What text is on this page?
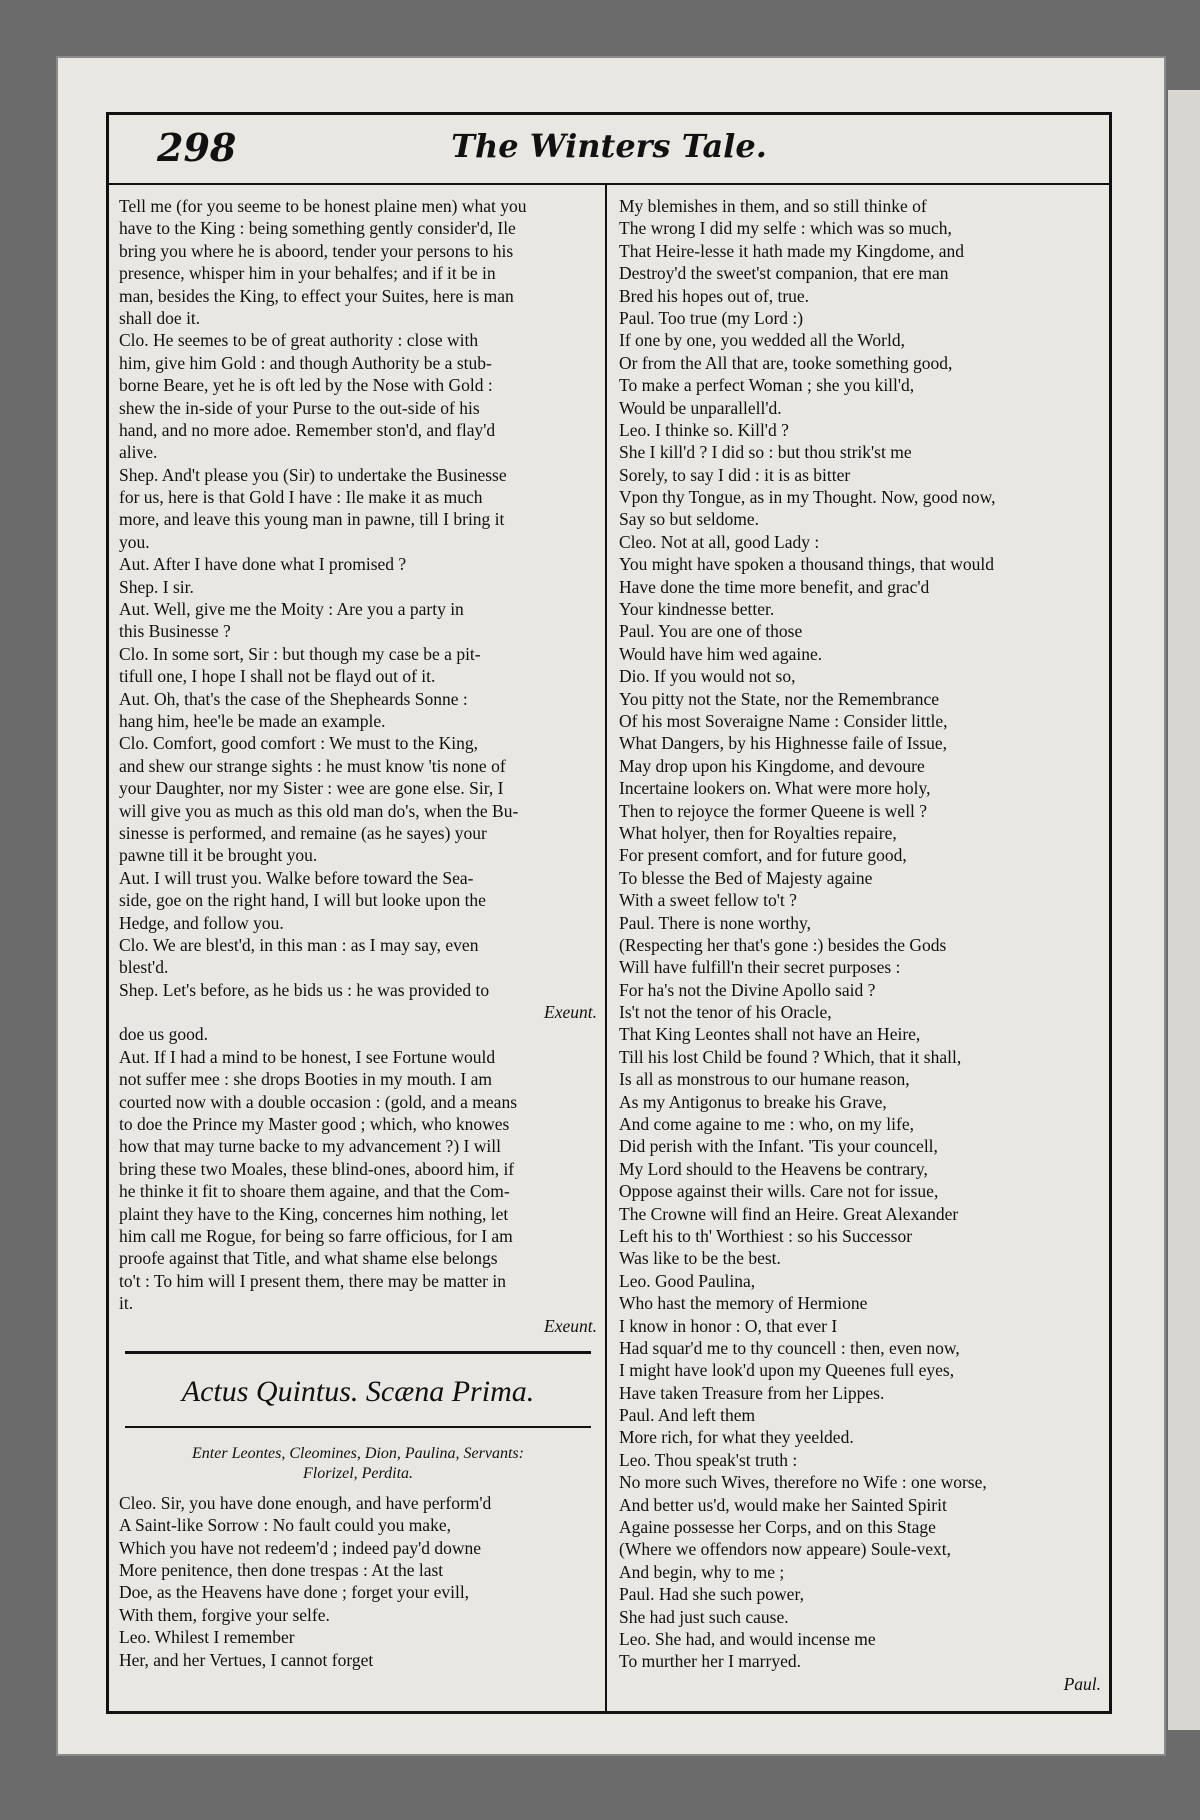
298	The Winters Tale.
Tell me (for you seeme to be honest plaine men) what you
have to the King : being something gently consider'd, Ile
bring you where he is aboord, tender your persons to his
presence, whisper him in your behalfes; and if it be in
man, besides the King, to effect your Suites, here is man
shall doe it.
Clo. He seemes to be of great authority : close with
him, give him Gold : and though Authority be a stub-
borne Beare, yet he is oft led by the Nose with Gold :
shew the in-side of your Purse to the out-side of his
hand, and no more adoe. Remember ston'd, and flay'd
alive.
Shep. And't please you (Sir) to undertake the Businesse
for us, here is that Gold I have : Ile make it as much
more, and leave this young man in pawne, till I bring it
you.
Aut. After I have done what I promised ?
Shep. I sir.
Aut. Well, give me the Moity : Are you a party in
this Businesse ?
Clo. In some sort, Sir : but though my case be a pit-
tifull one, I hope I shall not be flayd out of it.
Aut. Oh, that's the case of the Shepheards Sonne :
hang him, hee'le be made an example.
Clo. Comfort, good comfort : We must to the King,
and shew our strange sights : he must know 'tis none of
your Daughter, nor my Sister : wee are gone else. Sir, I
will give you as much as this old man do's, when the Bu-
sinesse is performed, and remaine (as he sayes) your
pawne till it be brought you.
Aut. I will trust you. Walke before toward the Sea-
side, goe on the right hand, I will but looke upon the
Hedge, and follow you.
Clo. We are blest'd, in this man : as I may say, even
blest'd.
Shep. Let's before, as he bids us : he was provided to
Exeunt.
doe us good.
Aut. If I had a mind to be honest, I see Fortune would
not suffer mee : she drops Booties in my mouth. I am
courted now with a double occasion : (gold, and a means
to doe the Prince my Master good ; which, who knowes
how that may turne backe to my advancement ?) I will
bring these two Moales, these blind-ones, aboord him, if
he thinke it fit to shoare them againe, and that the Com-
plaint they have to the King, concernes him nothing, let
him call me Rogue, for being so farre officious, for I am
proofe against that Title, and what shame else belongs
to't : To him will I present them, there may be matter in
it.
Exeunt.
Actus Quintus. Scæna Prima.
Enter Leontes, Cleomines, Dion, Paulina, Servants:
Florizel, Perdita.
Cleo. Sir, you have done enough, and have perform'd
A Saint-like Sorrow : No fault could you make,
Which you have not redeem'd ; indeed pay'd downe
More penitence, then done trespas : At the last
Doe, as the Heavens have done ; forget your evill,
With them, forgive your selfe.
Leo. Whilest I remember
Her, and her Vertues, I cannot forget
My blemishes in them, and so still thinke of
The wrong I did my selfe : which was so much,
That Heire-lesse it hath made my Kingdome, and
Destroy'd the sweet'st companion, that ere man
Bred his hopes out of, true.
Paul. Too true (my Lord :)
If one by one, you wedded all the World,
Or from the All that are, tooke something good,
To make a perfect Woman ; she you kill'd,
Would be unparallell'd.
Leo. I thinke so. Kill'd ?
She I kill'd ? I did so : but thou strik'st me
Sorely, to say I did : it is as bitter
Vpon thy Tongue, as in my Thought. Now, good now,
Say so but seldome.
Cleo. Not at all, good Lady :
You might have spoken a thousand things, that would
Have done the time more benefit, and grac'd
Your kindnesse better.
Paul. You are one of those
Would have him wed againe.
Dio. If you would not so,
You pitty not the State, nor the Remembrance
Of his most Soveraigne Name : Consider little,
What Dangers, by his Highnesse faile of Issue,
May drop upon his Kingdome, and devoure
Incertaine lookers on. What were more holy,
Then to rejoyce the former Queene is well ?
What holyer, then for Royalties repaire,
For present comfort, and for future good,
To blesse the Bed of Majesty againe
With a sweet fellow to't ?
Paul. There is none worthy,
(Respecting her that's gone :) besides the Gods
Will have fulfill'n their secret purposes :
For ha's not the Divine Apollo said ?
Is't not the tenor of his Oracle,
That King Leontes shall not have an Heire,
Till his lost Child be found ? Which, that it shall,
Is all as monstrous to our humane reason,
As my Antigonus to breake his Grave,
And come againe to me : who, on my life,
Did perish with the Infant. 'Tis your councell,
My Lord should to the Heavens be contrary,
Oppose against their wills. Care not for issue,
The Crowne will find an Heire. Great Alexander
Left his to th' Worthiest : so his Successor
Was like to be the best.
Leo. Good Paulina,
Who hast the memory of Hermione
I know in honor : O, that ever I
Had squar'd me to thy councell : then, even now,
I might have look'd upon my Queenes full eyes,
Have taken Treasure from her Lippes.
Paul. And left them
More rich, for what they yeelded.
Leo. Thou speak'st truth :
No more such Wives, therefore no Wife : one worse,
And better us'd, would make her Sainted Spirit
Againe possesse her Corps, and on this Stage
(Where we offendors now appeare) Soule-vext,
And begin, why to me ;
Paul. Had she such power,
She had just such cause.
Leo. She had, and would incense me
To murther her I marryed.
Paul.
